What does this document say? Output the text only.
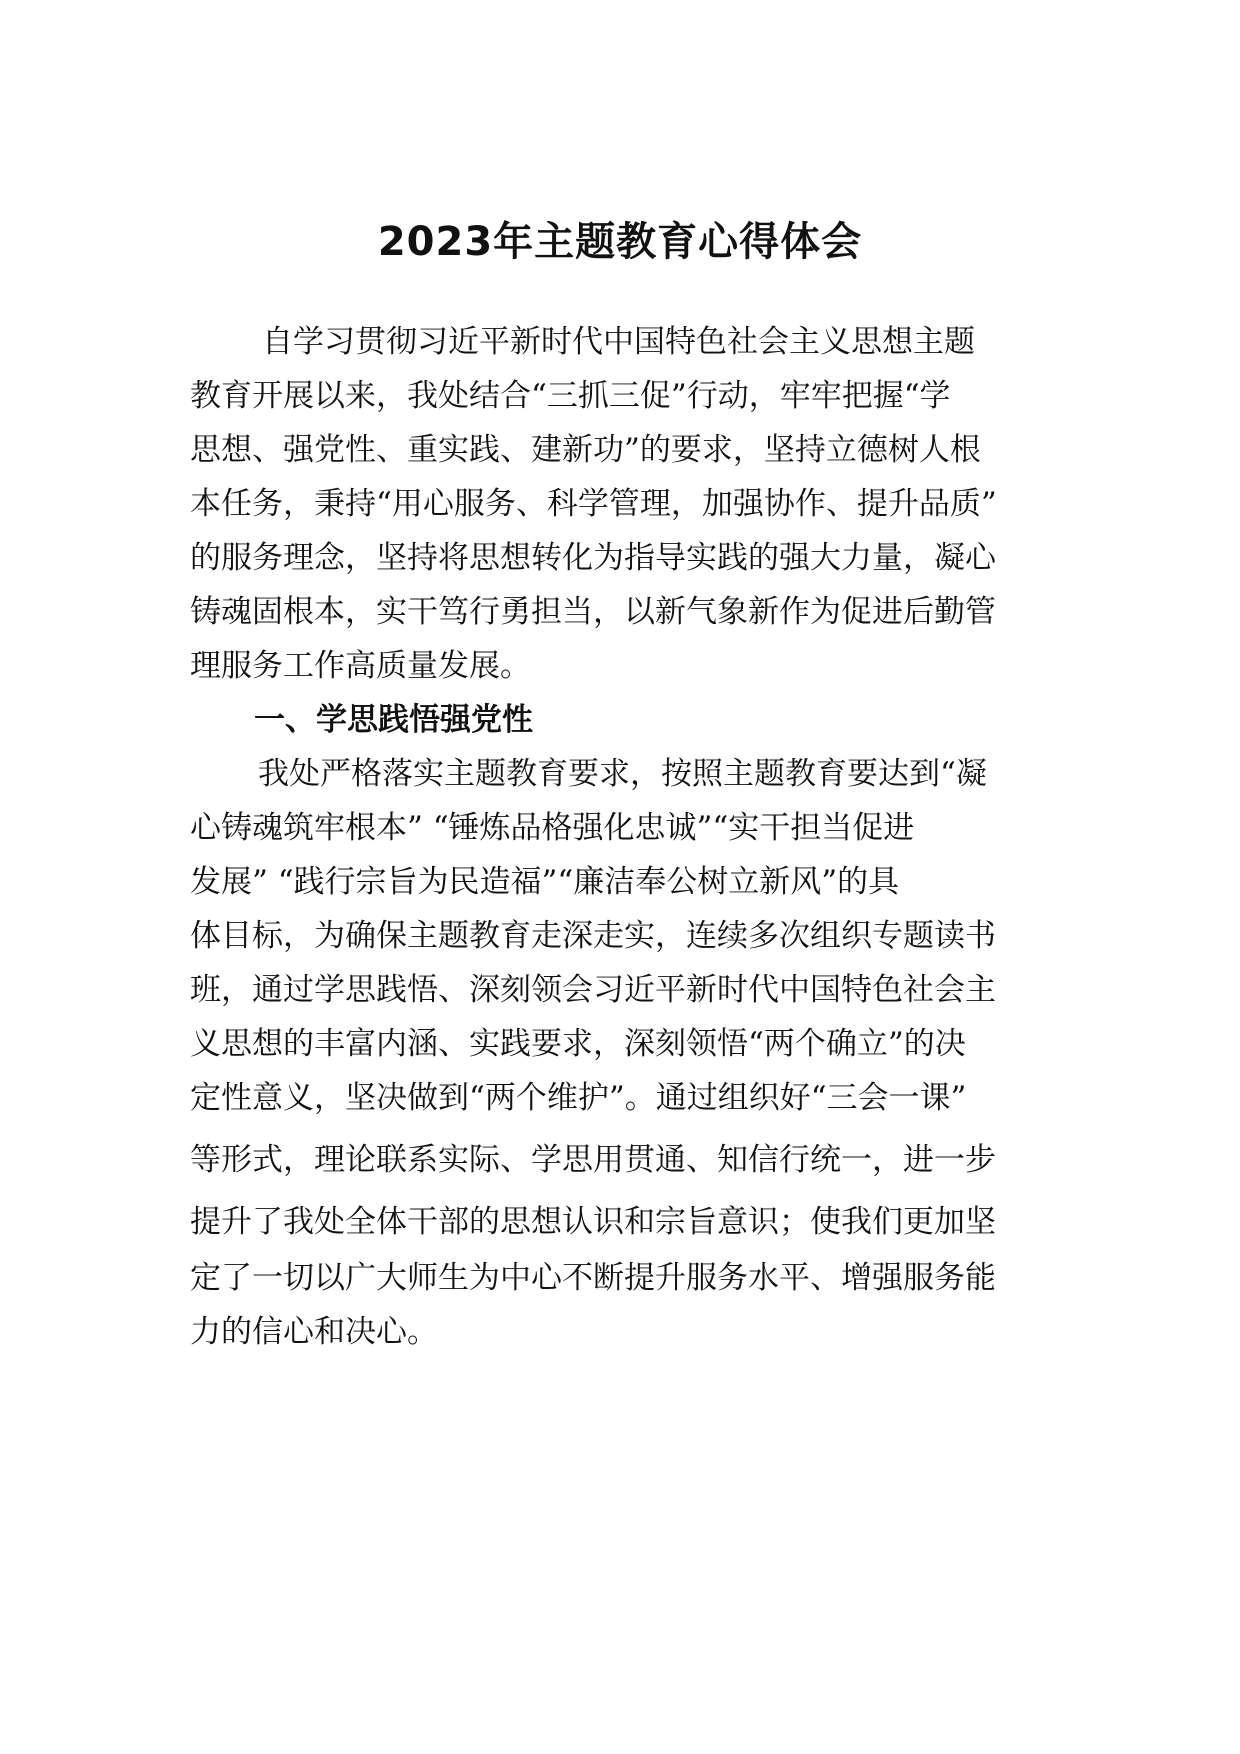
2023年主题教育心得体会
自学习贯彻习近平新时代中国特色社会主义思想主题
教育开展以来，我处结合“三抓三促”行动，牢牢把握“学
思想、强党性、重实践、建新功”的要求，坚持立德树人根
本任务，秉持“用心服务、科学管理，加强协作、提升品质”
的服务理念，坚持将思想转化为指导实践的强大力量，凝心
铸魂固根本，实干笃行勇担当，以新气象新作为促进后勤管
理服务工作高质量发展。
一、学思践悟强党性
我处严格落实主题教育要求，按照主题教育要达到“凝
心铸魂筑牢根本” “锤炼品格强化忠诚”“实干担当促进
发展” “践行宗旨为民造福”“廉洁奉公树立新风”的具
体目标，为确保主题教育走深走实，连续多次组织专题读书
班，通过学思践悟、深刻领会习近平新时代中国特色社会主
义思想的丰富内涵、实践要求，深刻领悟“两个确立”的决
定性意义，坚决做到“两个维护”。通过组织好“三会一课”
等形式，理论联系实际、学思用贯通、知信行统一，进一步
提升了我处全体干部的思想认识和宗旨意识；使我们更加坚
定了一切以广大师生为中心不断提升服务水平、增强服务能
力的信心和决心。
